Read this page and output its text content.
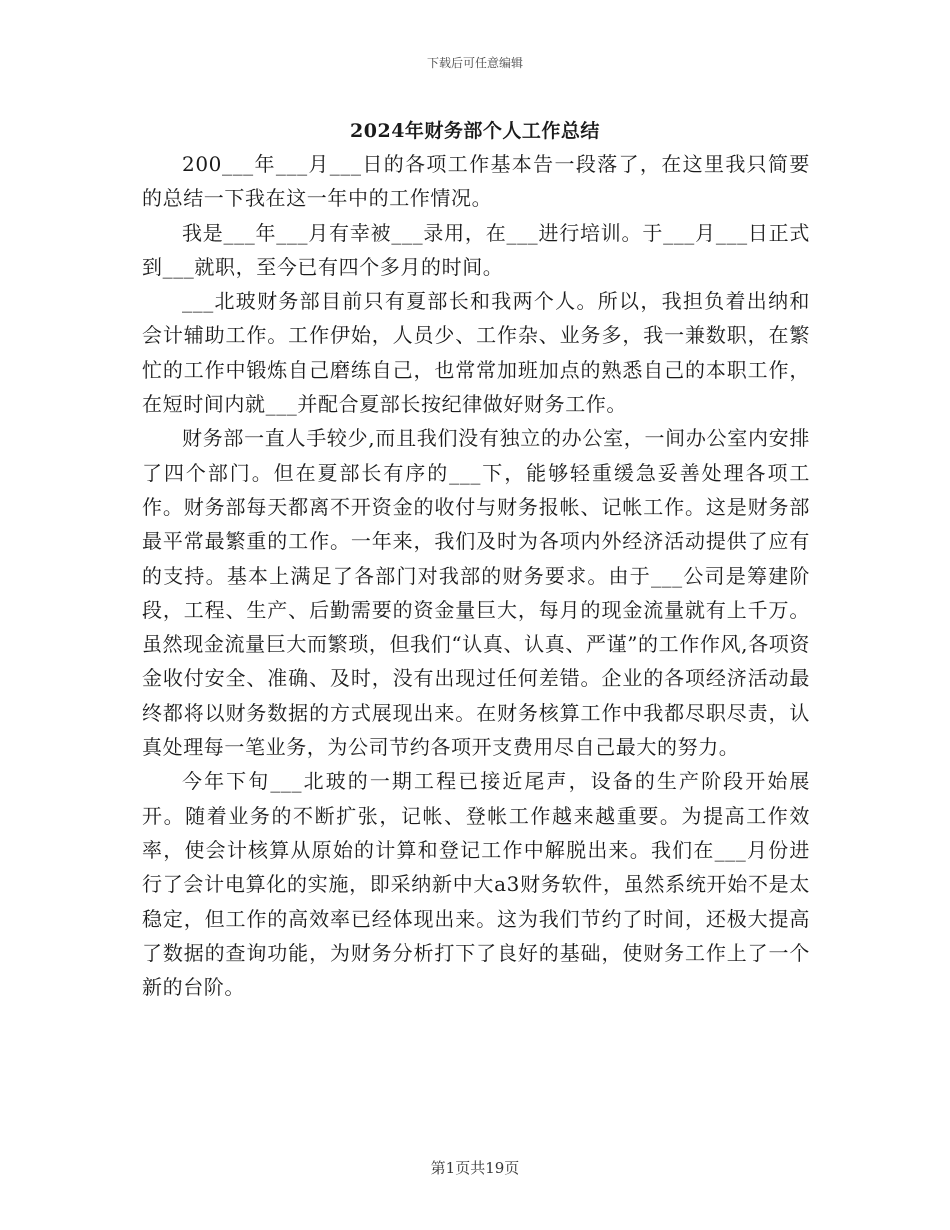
下载后可任意编辑
2024年财务部个人工作总结

200___年___月___日的各项工作基本告一段落了，在这里我只简要的总结一下我在这一年中的工作情况。

我是___年___月有幸被___录用，在___进行培训。于___月___日正式到___就职，至今已有四个多月的时间。

___北玻财务部目前只有夏部长和我两个人。所以，我担负着出纳和会计辅助工作。工作伊始，人员少、工作杂、业务多，我一兼数职，在繁忙的工作中锻炼自己磨练自己，也常常加班加点的熟悉自己的本职工作，在短时间内就___并配合夏部长按纪律做好财务工作。

财务部一直人手较少,而且我们没有独立的办公室，一间办公室内安排了四个部门。但在夏部长有序的___下，能够轻重缓急妥善处理各项工作。财务部每天都离不开资金的收付与财务报帐、记帐工作。这是财务部最平常最繁重的工作。一年来，我们及时为各项内外经济活动提供了应有的支持。基本上满足了各部门对我部的财务要求。由于___公司是筹建阶段，工程、生产、后勤需要的资金量巨大，每月的现金流量就有上千万。虽然现金流量巨大而繁琐，但我们“认真、认真、严谨”的工作作风,各项资金收付安全、准确、及时，没有出现过任何差错。企业的各项经济活动最终都将以财务数据的方式展现出来。在财务核算工作中我都尽职尽责，认真处理每一笔业务，为公司节约各项开支费用尽自己最大的努力。

今年下旬___北玻的一期工程已接近尾声，设备的生产阶段开始展开。随着业务的不断扩张，记帐、登帐工作越来越重要。为提高工作效率，使会计核算从原始的计算和登记工作中解脱出来。我们在___月份进行了会计电算化的实施，即采纳新中大a3财务软件，虽然系统开始不是太稳定，但工作的高效率已经体现出来。这为我们节约了时间，还极大提高了数据的查询功能，为财务分析打下了良好的基础，使财务工作上了一个新的台阶。

第1页共19页
